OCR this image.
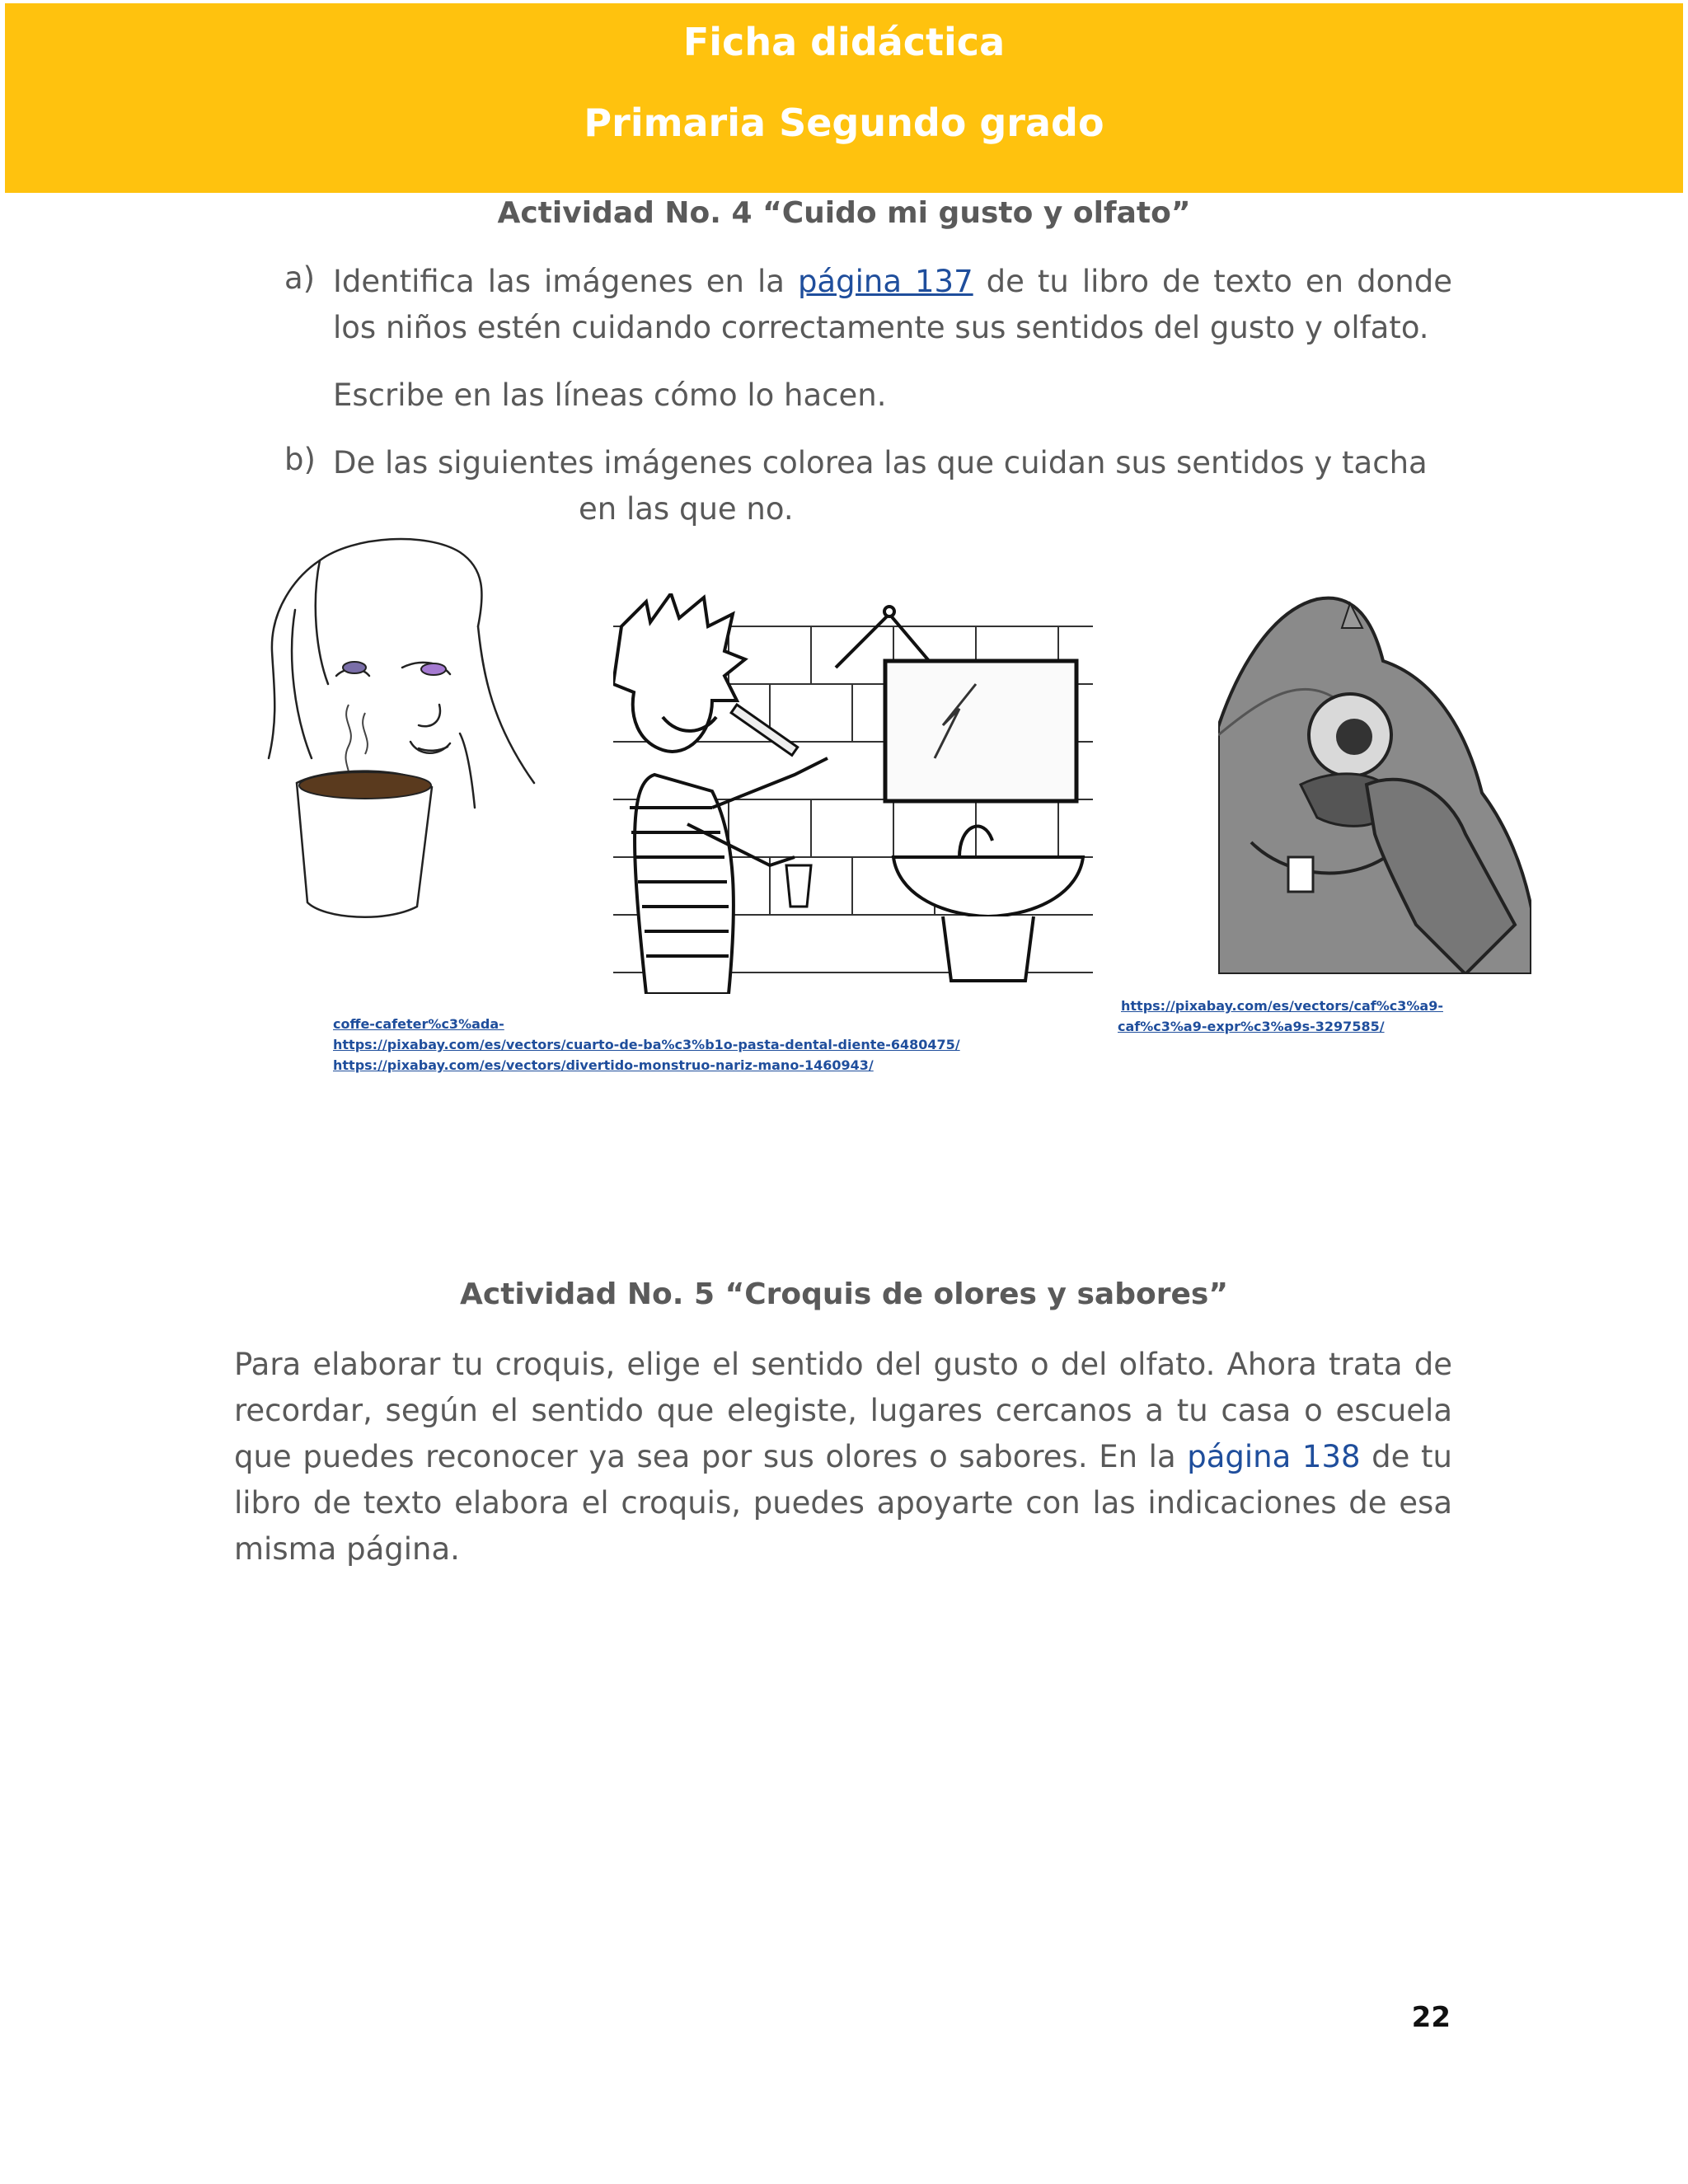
Ficha didáctica
Primaria Segundo grado
Actividad No. 4 “Cuido mi gusto y olfato”
a) Identifica las imágenes en la página 137 de tu libro de texto en donde los niños estén cuidando correctamente sus sentidos del gusto y olfato.
Escribe en las líneas cómo lo hacen.
b) De las siguientes imágenes colorea las que cuidan sus sentidos y tacha
en las que no.
coffe-cafeter%c3%ada-
https://pixabay.com/es/vectors/cuarto-de-ba%c3%b1o-pasta-dental-diente-6480475/
https://pixabay.com/es/vectors/divertido-monstruo-nariz-mano-1460943/
https://pixabay.com/es/vectors/caf%c3%a9-
caf%c3%a9-expr%c3%a9s-3297585/
Actividad No. 5 “Croquis de olores y sabores”
Para elaborar tu croquis, elige el sentido del gusto o del olfato. Ahora trata de recordar, según el sentido que elegiste, lugares cercanos a tu casa o escuela que puedes reconocer ya sea por sus olores o sabores. En la página 138 de tu libro de texto elabora el croquis, puedes apoyarte con las indicaciones de esa misma página.
22
